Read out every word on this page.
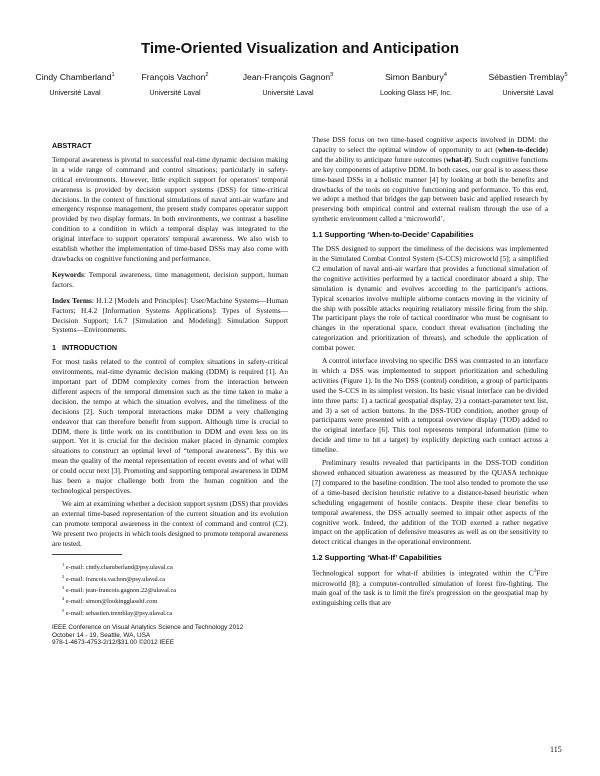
Time-Oriented Visualization and Anticipation
Cindy Chamberland$^1$
Université Laval
François Vachon$^2$
Université Laval
Jean-François Gagnon$^3$
Université Laval
Simon Banbury$^4$
Looking Glass HF, Inc.
Sébastien Tremblay$^5$
Université Laval
ABSTRACT

Temporal awareness is pivotal to successful real-time dynamic decision making in a wide range of command and control situations; particularly in safety-critical environments. However, little explicit support for operators' temporal awareness is provided by decision support systems (DSS) for time-critical decisions. In the context of functional simulations of naval anti-air warfare and emergency response management, the present study compares operator support provided by two display formats. In both environments, we contrast a baseline condition to a condition in which a temporal display was integrated to the original interface to support operators' temporal awareness. We also wish to establish whether the implementation of time-based DSSs may also come with drawbacks on cognitive functioning and performance.

Keywords: Temporal awareness, time management, decision support, human factors.

Index Terms: H.1.2 [Models and Principles]: User/Machine Systems—Human Factors; H.4.2 [Information Systems Applications]: Types of Systems—Decision Support; I.6.7 [Simulation and Modeling]: Simulation Support Systems—Environments.

1 INTRODUCTION

For most tasks related to the control of complex situations in safety-critical environments, real-time dynamic decision making (DDM) is required [1]. An important part of DDM complexity comes from the interaction between different aspects of the temporal dimension such as the time taken to make a decision, the tempo at which the situation evolves, and the timeliness of the decisions [2]. Such temporal interactions make DDM a very challenging endeavor that can therefore benefit from support. Although time is crucial to DDM, there is little work on its contribution to DDM and even less on its support. Yet it is crucial for the decision maker placed in dynamic complex situations to construct an optimal level of “temporal awareness”. By this we mean the quality of the mental representation of recent events and of what will or could occur next [3]. Promoting and supporting temporal awareness in DDM has been a major challenge both from the human cognition and the technological perspectives.

We aim at examining whether a decision support system (DSS) that provides an external time-based representation of the current situation and its evolution can promote temporal awareness in the context of command and control (C2). We present two projects in which tools designed to promote temporal awareness are tested.

$^1$ e-mail: cindy.chamberland@psy.ulaval.ca
$^2$ e-mail: francois.vachon@psy.ulaval.ca
$^3$ e-mail: jean-francois.gagnon.22@ulaval.ca
$^4$ e-mail: simon@lookingglasshf.com
$^5$ e-mail: sebastien.tremblay@psy.ulaval.ca
IEEE Conference on Visual Analytics Science and Technology 2012
October 14 - 19, Seattle, WA, USA
978-1-4673-4753-2/12/$31.00 ©2012 IEEE

These DSS focus on two time-based cognitive aspects involved in DDM: the capacity to select the optimal window of opportunity to act (when-to-decide) and the ability to anticipate future outcomes (what-if). Such cognitive functions are key components of adaptive DDM. In both cases, our goal is to assess these time-based DSSs in a holistic manner [4] by looking at both the benefits and drawbacks of the tools on cognitive functioning and performance. To this end, we adopt a method that bridges the gap between basic and applied research by preserving both empirical control and external realism through the use of a synthetic environment called a ‘microworld’.

1.1 Supporting ‘When-to-Decide’ Capabilities

The DSS designed to support the timeliness of the decisions was implemented in the Simulated Combat Control System (S-CCS) microworld [5]; a simplified C2 emulation of naval anti-air warfare that provides a functional simulation of the cognitive activities performed by a tactical coordinator aboard a ship. The simulation is dynamic and evolves according to the participant's actions. Typical scenarios involve multiple airborne contacts moving in the vicinity of the ship with possible attacks requiring retaliatory missile firing from the ship. The participant plays the role of tactical coordinator who must be cognisant to changes in the operational space, conduct threat evaluation (including the categorization and prioritization of threats), and schedule the application of combat power.

A control interface involving no specific DSS was contrasted to an interface in which a DSS was implemented to support prioritization and scheduling activities (Figure 1). In the No DSS (control) condition, a group of participants used the S-CCS in its simplest version. Its basic visual interface can be divided into three parts: 1) a tactical geospatial display, 2) a contact-parameter text list, and 3) a set of action buttons. In the DSS-TOD condition, another group of participants were presented with a temporal overview display (TOD) added to the original interface [6]. This tool represents temporal information (time to decide and time to hit a target) by explicitly depicting each contact across a timeline.

Preliminary results revealed that participants in the DSS-TOD condition showed enhanced situation awareness as measured by the QUASA technique [7] compared to the baseline condition. The tool also tended to promote the use of a time-based decision heuristic relative to a distance-based heuristic when scheduling engagement of hostile contacts. Despite these clear benefits to temporal awareness, the DSS actually seemed to impair other aspects of the cognitive work. Indeed, the addition of the TOD exerted a rather negative impact on the application of defensive measures as well as on the sensitivity to detect critical changes in the operational environment.

1.2 Supporting ‘What-If’ Capabilities

Technological support for what-if abilities is integrated within the $C^3Fire$ microworld [8]; a computer-controlled simulation of forest fire-fighting. The main goal of the task is to limit the fire's progression on the geospatial map by extinguishing cells that are

115
